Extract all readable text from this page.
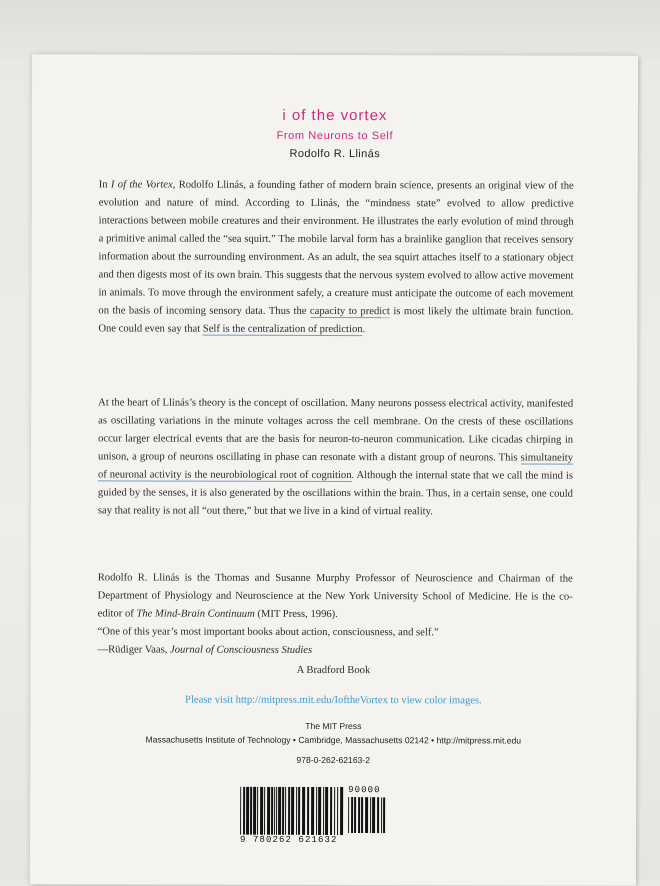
i of the vortex
From Neurons to Self
Rodolfo R. Llinás
In I of the Vortex, Rodolfo Llinás, a founding father of modern brain science, presents an original view of the evolution and nature of mind. According to Llinás, the “mindness state” evolved to allow predictive interactions between mobile creatures and their environment. He illustrates the early evolution of mind through a primitive animal called the “sea squirt.” The mobile larval form has a brainlike ganglion that receives sensory information about the surrounding environment. As an adult, the sea squirt attaches itself to a stationary object and then digests most of its own brain. This suggests that the nervous system evolved to allow active movement in animals. To move through the environment safely, a creature must anticipate the outcome of each movement on the basis of incoming sensory data. Thus the capacity to predict is most likely the ultimate brain function. One could even say that Self is the centralization of prediction.
At the heart of Llinás’s theory is the concept of oscillation. Many neurons possess electrical activity, manifested as oscillating variations in the minute voltages across the cell membrane. On the crests of these oscillations occur larger electrical events that are the basis for neuron-to-neuron communication. Like cicadas chirping in unison, a group of neurons oscillating in phase can resonate with a distant group of neurons. This simultaneity of neuronal activity is the neurobiological root of cognition. Although the internal state that we call the mind is guided by the senses, it is also generated by the oscillations within the brain. Thus, in a certain sense, one could say that reality is not all “out there,” but that we live in a kind of virtual reality.
Rodolfo R. Llinás is the Thomas and Susanne Murphy Professor of Neuroscience and Chairman of the Department of Physiology and Neuroscience at the New York University School of Medicine. He is the co-editor of The Mind-Brain Continuum (MIT Press, 1996).
“One of this year’s most important books about action, consciousness, and self.”
—Rüdiger Vaas, Journal of Consciousness Studies
A Bradford Book
Please visit http://mitpress.mit.edu/IoftheVortex to view color images.
The MIT Press
Massachusetts Institute of Technology • Cambridge, Massachusetts 02142 • http://mitpress.mit.edu
978-0-262-62163-2
90000
9 780262 621632
